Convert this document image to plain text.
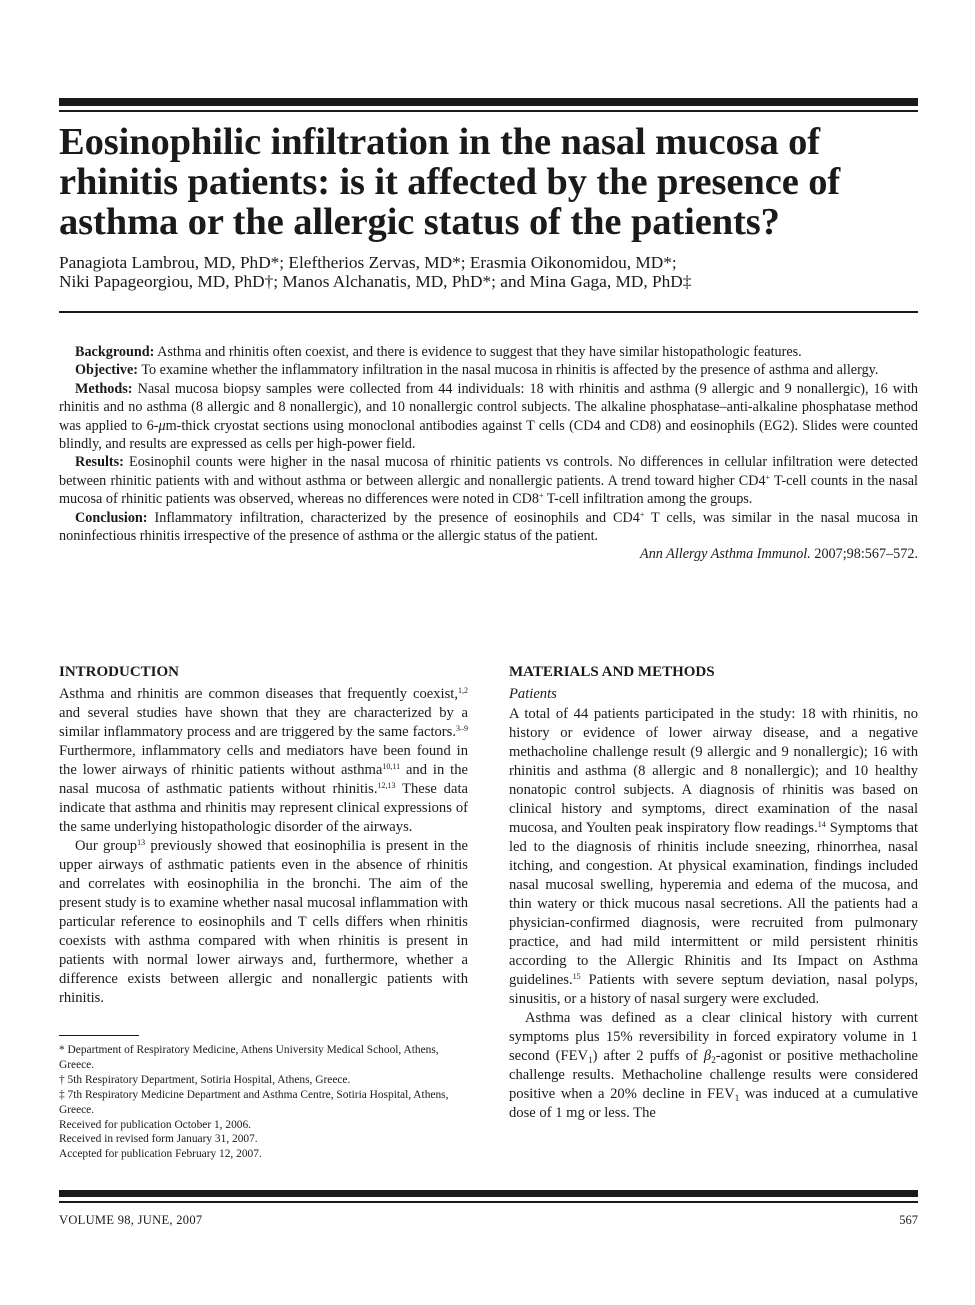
Eosinophilic infiltration in the nasal mucosa of rhinitis patients: is it affected by the presence of asthma or the allergic status of the patients?
Panagiota Lambrou, MD, PhD*; Eleftherios Zervas, MD*; Erasmia Oikonomidou, MD*;
Niki Papageorgiou, MD, PhD†; Manos Alchanatis, MD, PhD*; and Mina Gaga, MD, PhD‡

Background: Asthma and rhinitis often coexist, and there is evidence to suggest that they have similar histopathologic features.

Objective: To examine whether the inflammatory infiltration in the nasal mucosa in rhinitis is affected by the presence of asthma and allergy.

Methods: Nasal mucosa biopsy samples were collected from 44 individuals: 18 with rhinitis and asthma (9 allergic and 9 nonallergic), 16 with rhinitis and no asthma (8 allergic and 8 nonallergic), and 10 nonallergic control subjects. The alkaline phosphatase–anti-alkaline phosphatase method was applied to 6-μm-thick cryostat sections using monoclonal antibodies against T cells (CD4 and CD8) and eosinophils (EG2). Slides were counted blindly, and results are expressed as cells per high-power field.

Results: Eosinophil counts were higher in the nasal mucosa of rhinitic patients vs controls. No differences in cellular infiltration were detected between rhinitic patients with and without asthma or between allergic and nonallergic patients. A trend toward higher CD4+ T-cell counts in the nasal mucosa of rhinitic patients was observed, whereas no differences were noted in CD8+ T-cell infiltration among the groups.

Conclusion: Inflammatory infiltration, characterized by the presence of eosinophils and CD4+ T cells, was similar in the nasal mucosa in noninfectious rhinitis irrespective of the presence of asthma or the allergic status of the patient.

Ann Allergy Asthma Immunol. 2007;98:567–572.
INTRODUCTION

Asthma and rhinitis are common diseases that frequently coexist,$^{1,2}$ and several studies have shown that they are characterized by a similar inflammatory process and are triggered by the same factors.$^{3-9}$ Furthermore, inflammatory cells and mediators have been found in the lower airways of rhinitic patients without asthma$^{10,11}$ and in the nasal mucosa of asthmatic patients without rhinitis.$^{12,13}$ These data indicate that asthma and rhinitis may represent clinical expressions of the same underlying histopathologic disorder of the airways.

Our group$^{13}$ previously showed that eosinophilia is present in the upper airways of asthmatic patients even in the absence of rhinitis and correlates with eosinophilia in the bronchi. The aim of the present study is to examine whether nasal mucosal inflammation with particular reference to eosinophils and T cells differs when rhinitis coexists with asthma compared with when rhinitis is present in patients with normal lower airways and, furthermore, whether a difference exists between allergic and nonallergic patients with rhinitis.

* Department of Respiratory Medicine, Athens University Medical School, Athens, Greece.
† 5th Respiratory Department, Sotiria Hospital, Athens, Greece.
‡ 7th Respiratory Medicine Department and Asthma Centre, Sotiria Hospital, Athens, Greece.
Received for publication October 1, 2006.
Received in revised form January 31, 2007.
Accepted for publication February 12, 2007.
MATERIALS AND METHODS
Patients

A total of 44 patients participated in the study: 18 with rhinitis, no history or evidence of lower airway disease, and a negative methacholine challenge result (9 allergic and 9 nonallergic); 16 with rhinitis and asthma (8 allergic and 8 nonallergic); and 10 healthy nonatopic control subjects. A diagnosis of rhinitis was based on clinical history and symptoms, direct examination of the nasal mucosa, and Youlten peak inspiratory flow readings.$^{14}$ Symptoms that led to the diagnosis of rhinitis include sneezing, rhinorrhea, nasal itching, and congestion. At physical examination, findings included nasal mucosal swelling, hyperemia and edema of the mucosa, and thin watery or thick mucous nasal secretions. All the patients had a physician-confirmed diagnosis, were recruited from pulmonary practice, and had mild intermittent or mild persistent rhinitis according to the Allergic Rhinitis and Its Impact on Asthma guidelines.$^{15}$ Patients with severe septum deviation, nasal polyps, sinusitis, or a history of nasal surgery were excluded.

Asthma was defined as a clear clinical history with current symptoms plus 15% reversibility in forced expiratory volume in 1 second $(FEV_1)$ after 2 puffs of $\beta_2$-agonist or positive methacholine challenge results. Methacholine challenge results were considered positive when a 20% decline in $FEV_1$ was induced at a cumulative dose of 1 mg or less. The

VOLUME 98, JUNE, 2007	567
